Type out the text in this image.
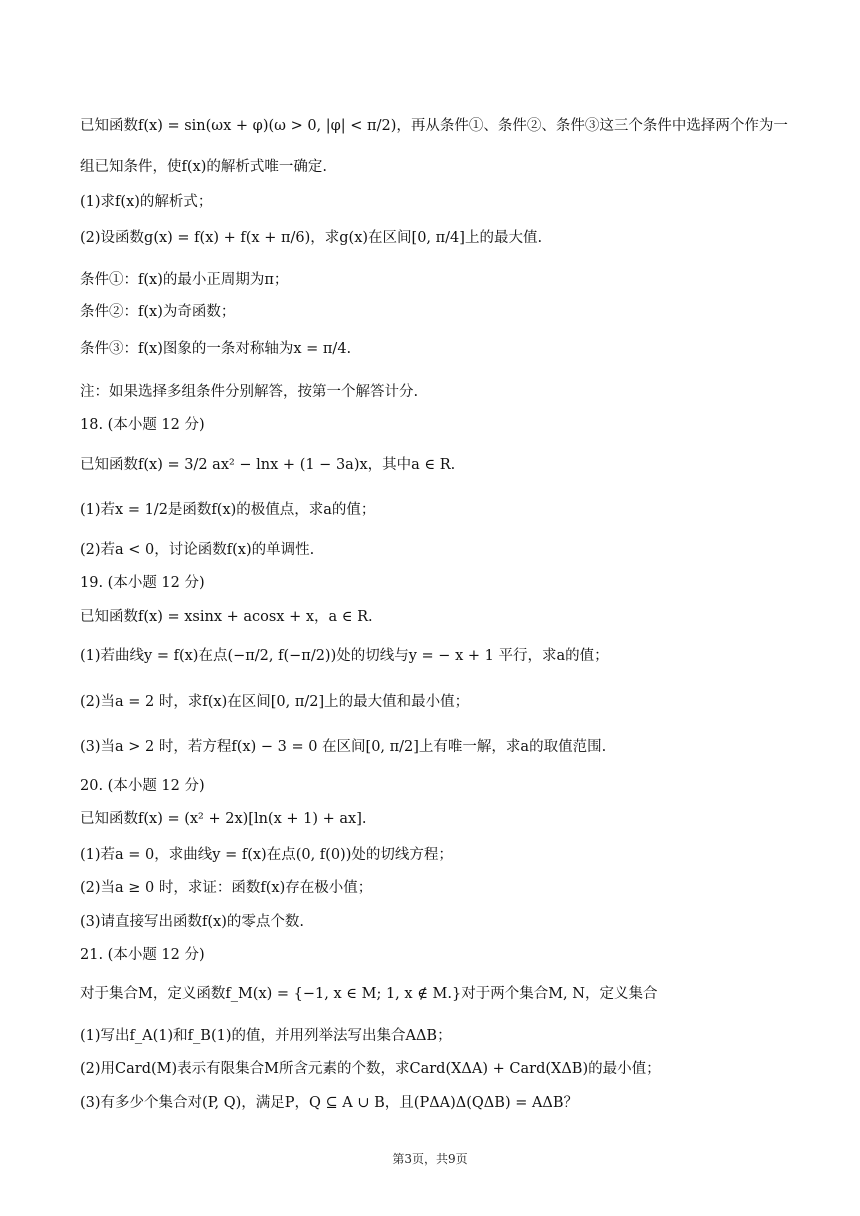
已知函数f(x) = sin(ωx + φ)(ω > 0, |φ| < π/2)，再从条件①、条件②、条件③这三个条件中选择两个作为一
组已知条件，使f(x)的解析式唯一确定.
(1)求f(x)的解析式；
(2)设函数g(x) = f(x) + f(x + π/6)，求g(x)在区间[0, π/4]上的最大值.
条件①：f(x)的最小正周期为π；
条件②：f(x)为奇函数；
条件③：f(x)图象的一条对称轴为x = π/4.
注：如果选择多组条件分别解答，按第一个解答计分.
18. (本小题 12 分)
已知函数f(x) = 3/2 ax² − lnx + (1 − 3a)x，其中a ∈ R.
(1)若x = 1/2是函数f(x)的极值点，求a的值；
(2)若a < 0，讨论函数f(x)的单调性.
19. (本小题 12 分)
已知函数f(x) = xsinx + acosx + x，a ∈ R.
(1)若曲线y = f(x)在点(−π/2, f(−π/2))处的切线与y = − x + 1 平行，求a的值；
(2)当a = 2 时，求f(x)在区间[0, π/2]上的最大值和最小值；
(3)当a > 2 时，若方程f(x) − 3 = 0 在区间[0, π/2]上有唯一解，求a的取值范围.
20. (本小题 12 分)
已知函数f(x) = (x² + 2x)[ln(x + 1) + ax].
(1)若a = 0，求曲线y = f(x)在点(0, f(0))处的切线方程；
(2)当a ≥ 0 时，求证：函数f(x)存在极小值；
(3)请直接写出函数f(x)的零点个数.
21. (本小题 12 分)
对于集合M，定义函数f_M(x) = {−1, x ∈ M; 1, x ∉ M.}对于两个集合M, N，定义集合
(1)写出f_A(1)和f_B(1)的值，并用列举法写出集合AΔB；
(2)用Card(M)表示有限集合M所含元素的个数，求Card(XΔA) + Card(XΔB)的最小值；
(3)有多少个集合对(P, Q)，满足P，Q ⊆ A ∪ B，且(PΔA)Δ(QΔB) = AΔB？
第3页，共9页
